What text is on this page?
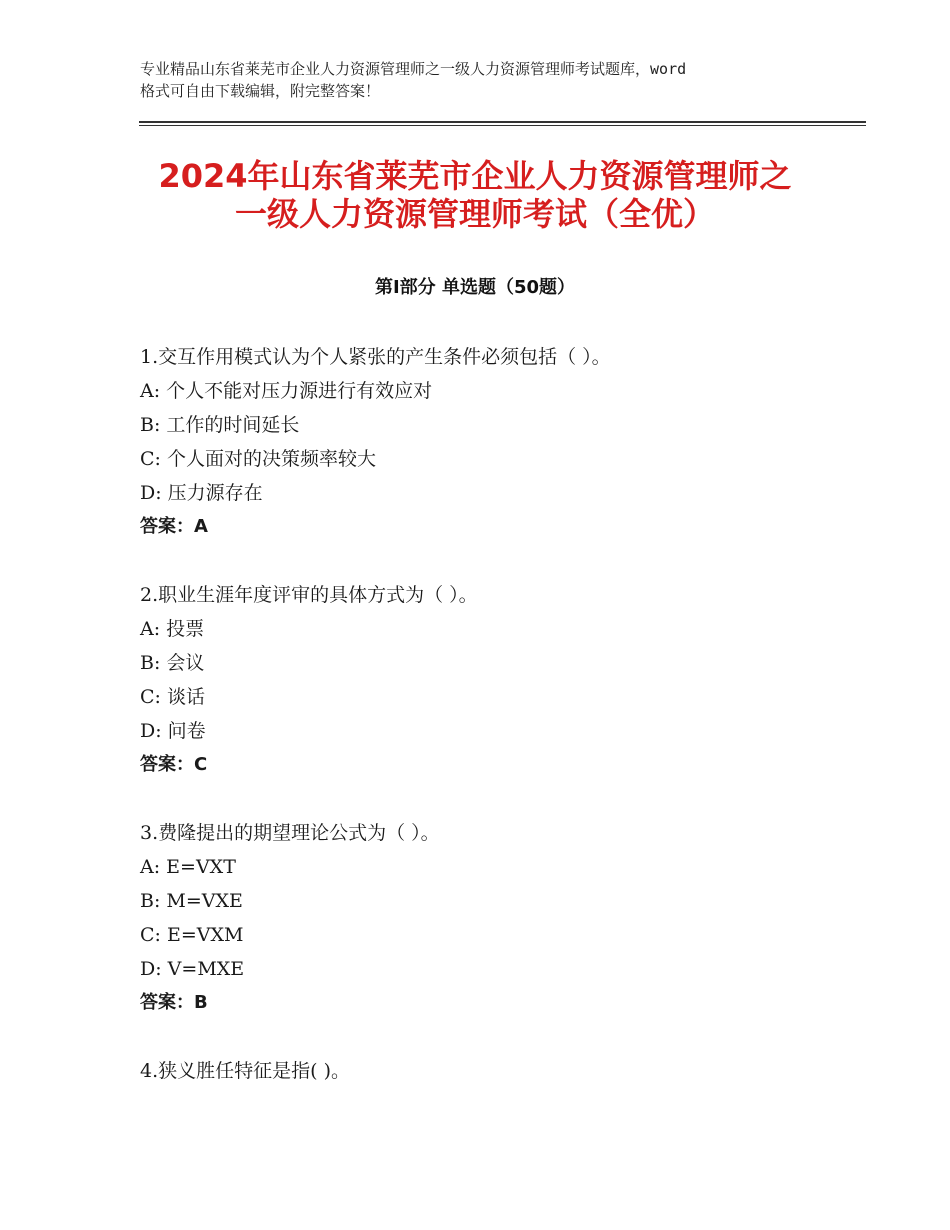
专业精品山东省莱芜市企业人力资源管理师之一级人力资源管理师考试题库，word
格式可自由下载编辑，附完整答案！
2024年山东省莱芜市企业人力资源管理师之
一级人力资源管理师考试（全优）
第Ⅰ部分 单选题（50题）
1.交互作用模式认为个人紧张的产生条件必须包括（ ）。
A: 个人不能对压力源进行有效应对
B: 工作的时间延长
C: 个人面对的决策频率较大
D: 压力源存在
答案：A
2.职业生涯年度评审的具体方式为（ ）。
A: 投票
B: 会议
C: 谈话
D: 问卷
答案：C
3.费隆提出的期望理论公式为（ ）。
A: E=VXT
B: M=VXE
C: E=VXM
D: V=MXE
答案：B
4.狭义胜任特征是指( )。
